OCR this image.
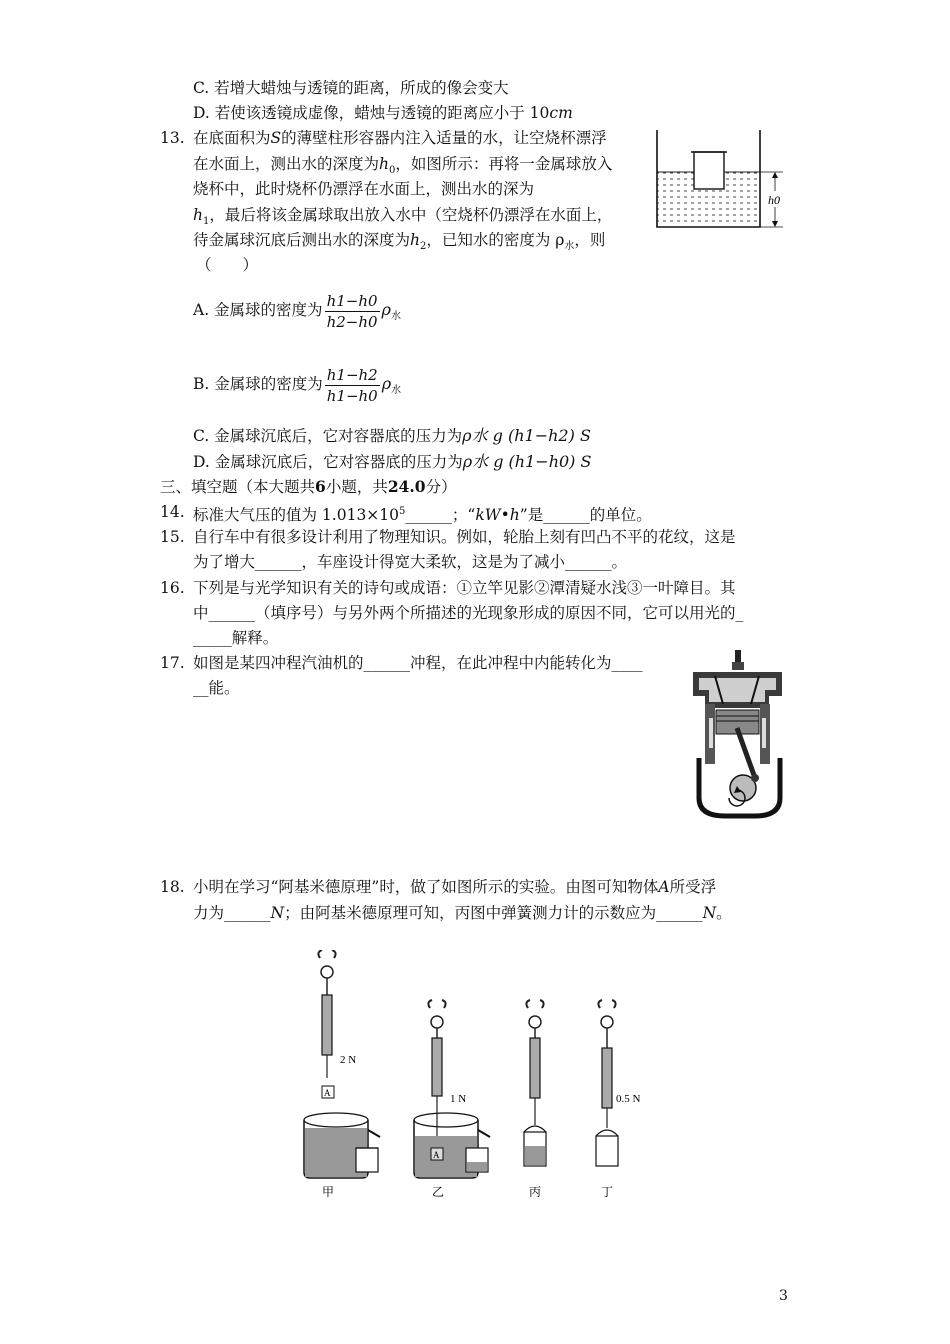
C. 若增大蜡烛与透镜的距离，所成的像会变大
D. 若使该透镜成虚像，蜡烛与透镜的距离应小于 10cm
13. 在底面积为S的薄壁柱形容器内注入适量的水，让空烧杯漂浮
在水面上，测出水的深度为$h_0$，如图所示：再将一金属球放入
烧杯中，此时烧杯仍漂浮在水面上，测出水的深为
$h_1$，最后将该金属球取出放入水中（空烧杯仍漂浮在水面上，
待金属球沉底后测出水的深度为$h_2$，已知水的密度为 $\rho_水$，则
（　　）
h0
A. 金属球的密度为 $\frac{h1-h0}{h2-h0} \rho_水$
B. 金属球的密度为 $\frac{h1-h2}{h1-h0} \rho_水$
C. 金属球沉底后，它对容器底的压力为ρ水 g (h1−h2) S
D. 金属球沉底后，它对容器底的压力为ρ水 g (h1−h0) S
三、填空题（本大题共6小题，共24.0分）
14. 标准大气压的值为 $1.013\times 10^5\_\_\_\_\_\_$；“kW•h”是______的单位。
15. 自行车中有很多设计利用了物理知识。例如，轮胎上刻有凹凸不平的花纹，这是
为了增大______，车座设计得宽大柔软，这是为了减小______。
16. 下列是与光学知识有关的诗句或成语：①立竿见影②潭清疑水浅③一叶障目。其
中______（填序号）与另外两个所描述的光现象形成的原因不同，它可以用光的_
_____解释。
17. 如图是某四冲程汽油机的______冲程，在此冲程中内能转化为____
__能。
18. 小明在学习“阿基米德原理”时，做了如图所示的实验。由图可知物体A所受浮
力为______N；由阿基米德原理可知，丙图中弹簧测力计的示数应为______N。
2 N
A
甲
1 N
A
乙	丙
0.5 N
丁
3
